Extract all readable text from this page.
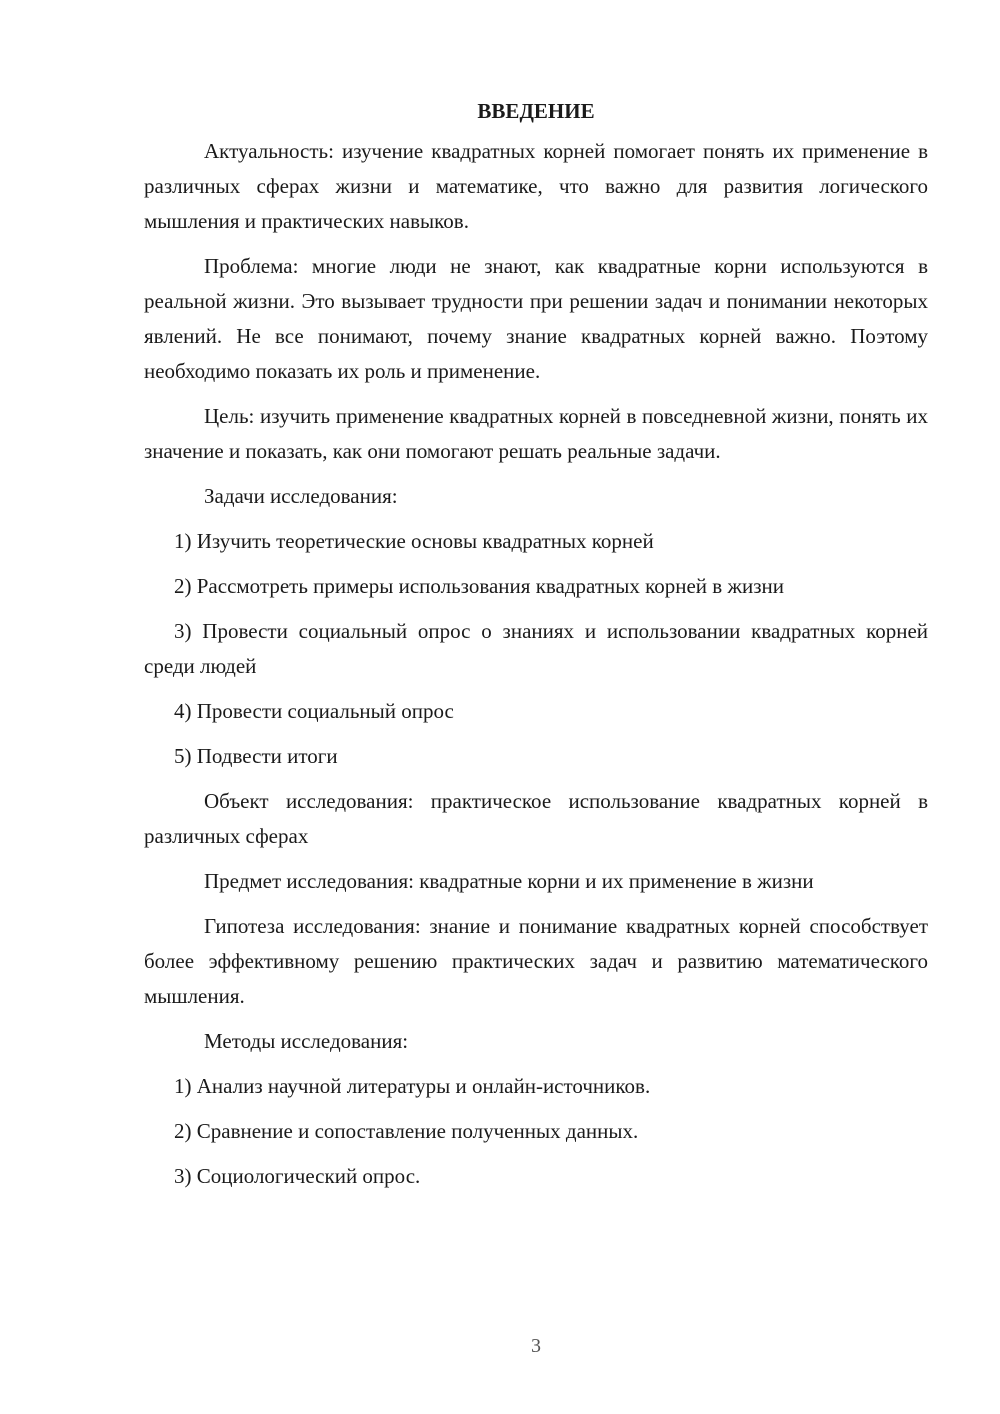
ВВЕДЕНИЕ

Актуальность: изучение квадратных корней помогает понять их применение в различных сферах жизни и математике, что важно для развития логического мышления и практических навыков.

Проблема: многие люди не знают, как квадратные корни используются в реальной жизни. Это вызывает трудности при решении задач и понимании некоторых явлений. Не все понимают, почему знание квадратных корней важно. Поэтому необходимо показать их роль и применение.

Цель: изучить применение квадратных корней в повседневной жизни, понять их значение и показать, как они помогают решать реальные задачи.

Задачи исследования:

1) Изучить теоретические основы квадратных корней

2) Рассмотреть примеры использования квадратных корней в жизни

3) Провести социальный опрос о знаниях и использовании квадратных корней среди людей

4) Провести социальный опрос

5) Подвести итоги

Объект исследования: практическое использование квадратных корней в различных сферах

Предмет исследования: квадратные корни и их применение в жизни

Гипотеза исследования: знание и понимание квадратных корней способствует более эффективному решению практических задач и развитию математического мышления.

Методы исследования:

1) Анализ научной литературы и онлайн-источников.

2) Сравнение и сопоставление полученных данных.

3) Социологический опрос.

3
